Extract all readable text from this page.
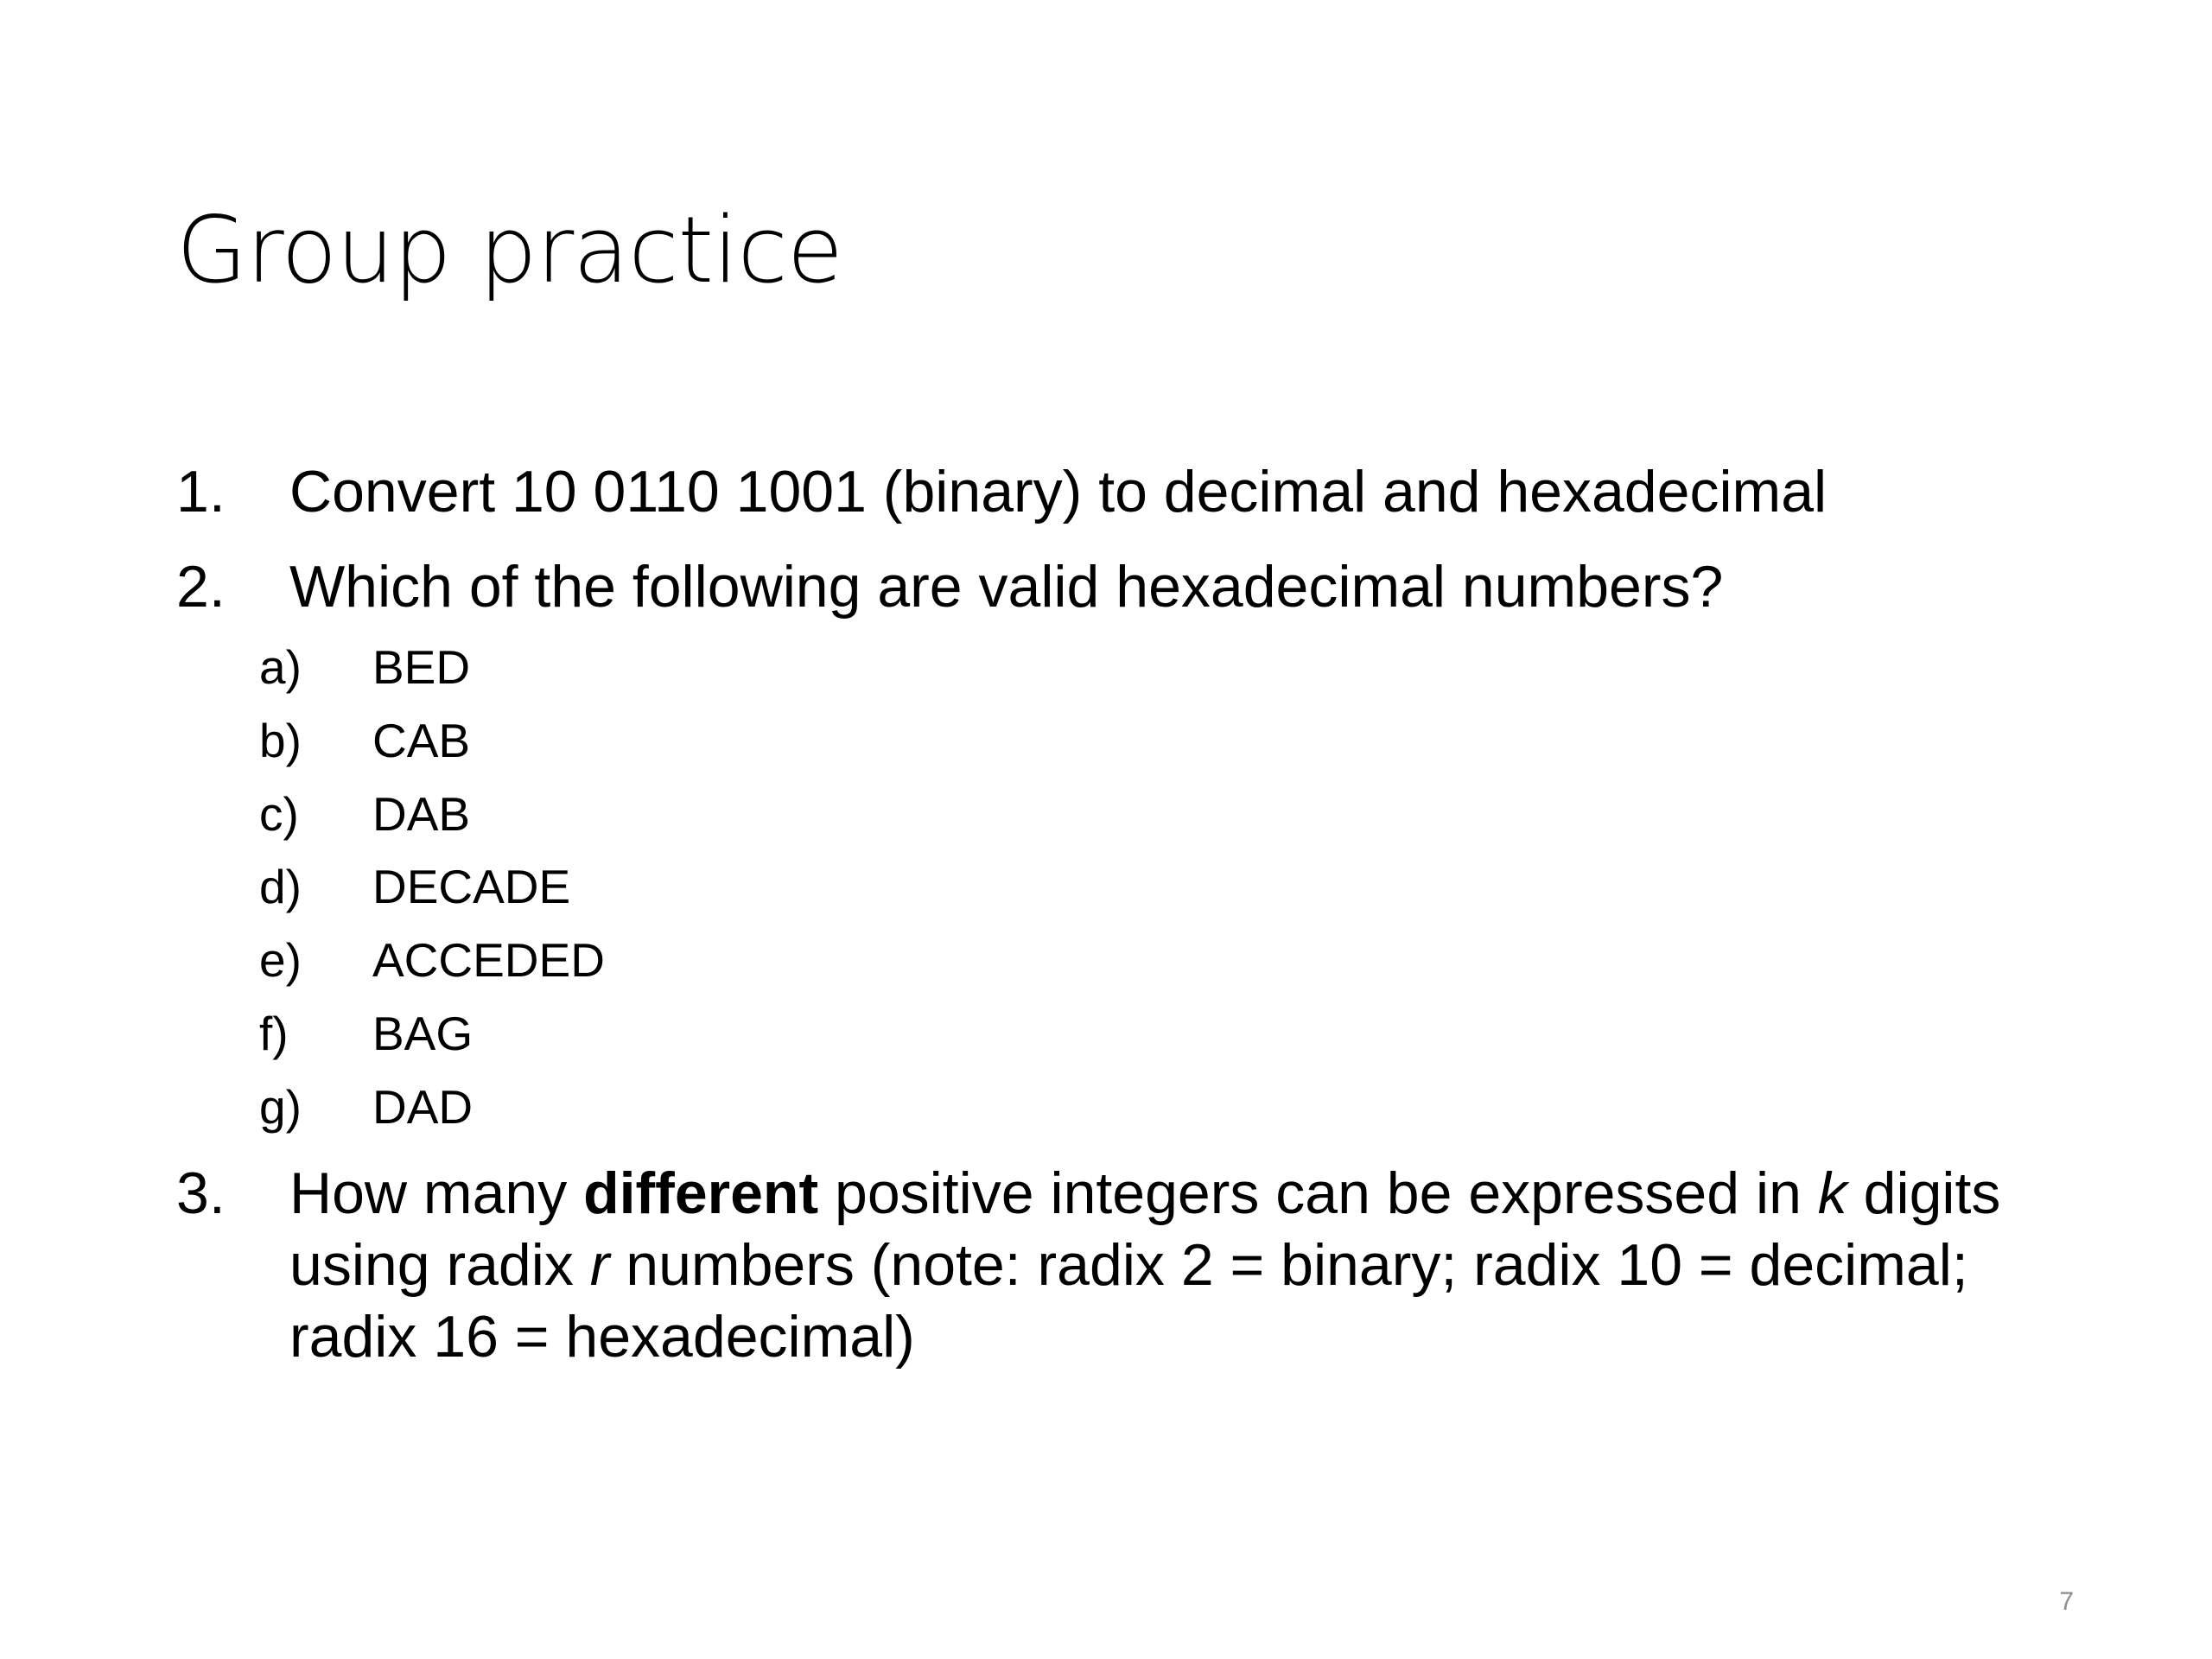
Group practice
1. Convert 10 0110 1001 (binary) to decimal and hexadecimal
2. Which of the following are valid hexadecimal numbers?
a) BED
b) CAB
c) DAB
d) DECADE
e) ACCEDED
f) BAG
g) DAD
3. How many different positive integers can be expressed in k digits using radix r numbers (note: radix 2 = binary; radix 10 = decimal; radix 16 = hexadecimal)
7
